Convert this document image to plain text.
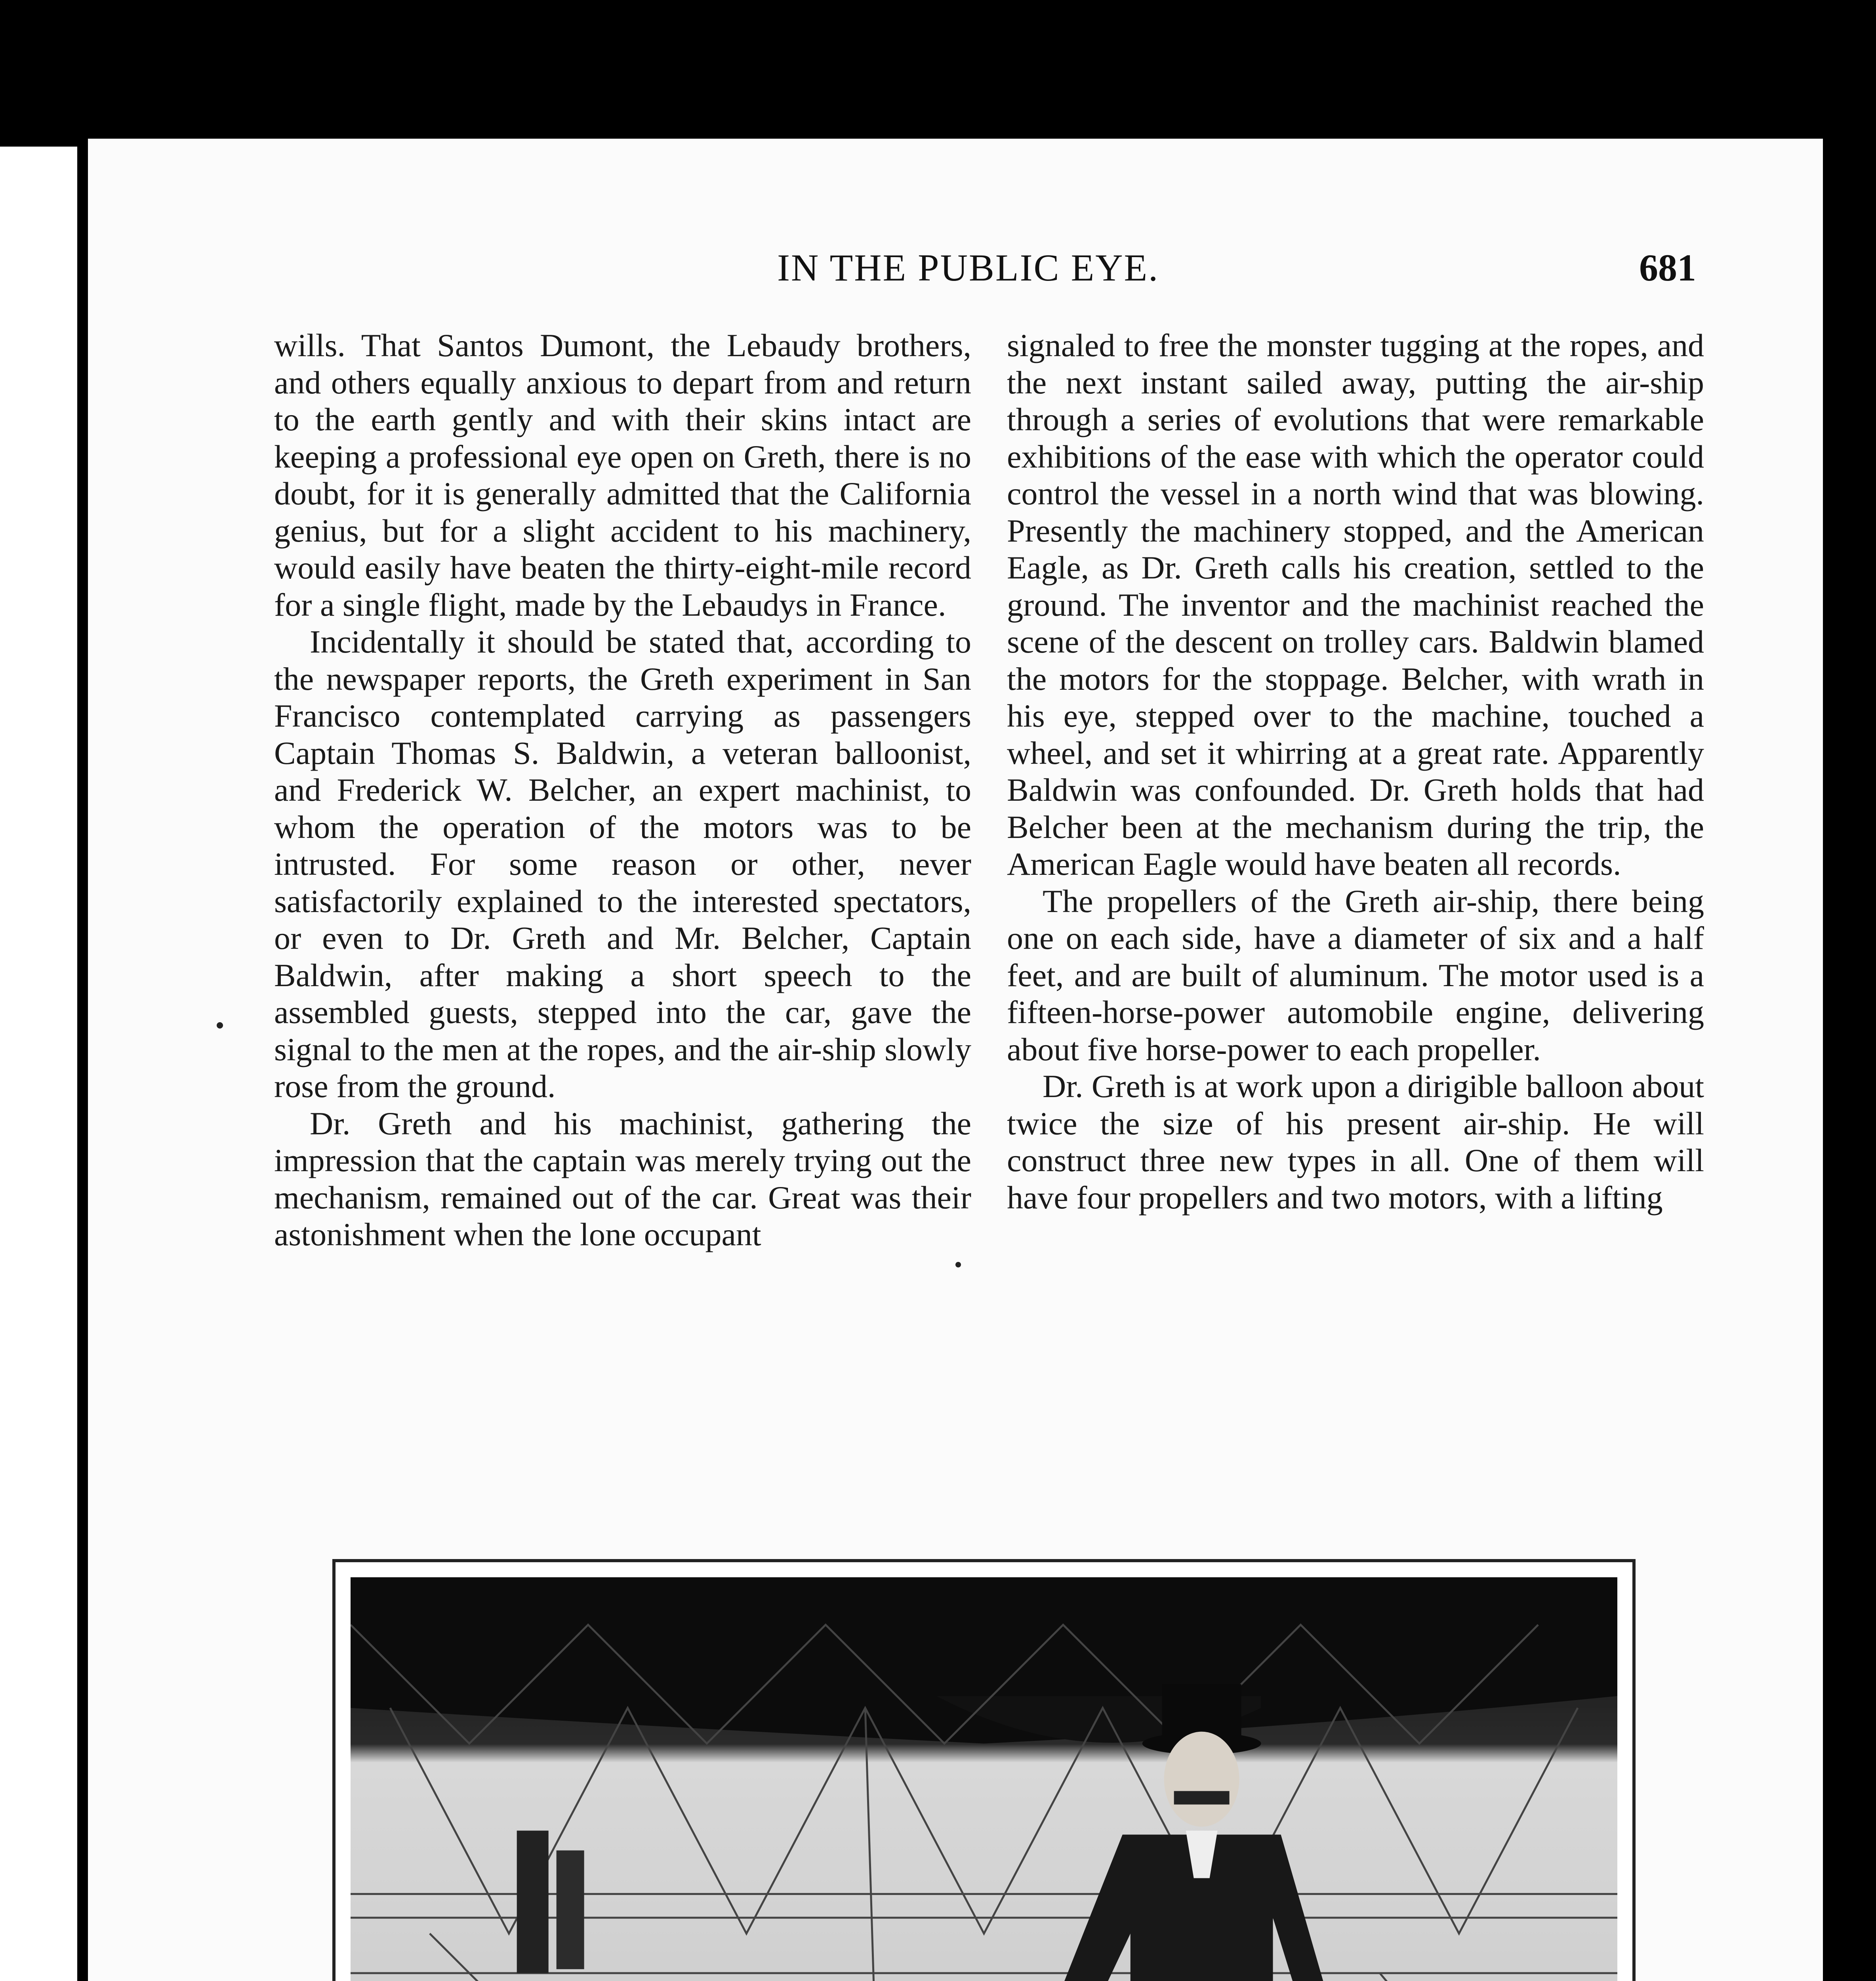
IN THE PUBLIC EYE.	681

wills. That Santos Dumont, the Lebaudy brothers, and others equally anxious to depart from and return to the earth gently and with their skins intact are keeping a professional eye open on Greth, there is no doubt, for it is generally admitted that the California genius, but for a slight accident to his machinery, would easily have beaten the thirty-eight-mile record for a single flight, made by the Lebaudys in France.

Incidentally it should be stated that, according to the newspaper reports, the Greth experiment in San Francisco contemplated carrying as passengers Captain Thomas S. Baldwin, a veteran balloonist, and Frederick W. Belcher, an expert machinist, to whom the operation of the motors was to be intrusted. For some reason or other, never satisfactorily explained to the interested spectators, or even to Dr. Greth and Mr. Belcher, Captain Baldwin, after making a short speech to the assembled guests, stepped into the car, gave the signal to the men at the ropes, and the air-ship slowly rose from the ground.

Dr. Greth and his machinist, gathering the impression that the captain was merely trying out the mechanism, remained out of the car. Great was their astonishment when the lone occupant

signaled to free the monster tugging at the ropes, and the next instant sailed away, putting the air-ship through a series of evolutions that were remarkable exhibitions of the ease with which the operator could control the vessel in a north wind that was blowing. Presently the machinery stopped, and the American Eagle, as Dr. Greth calls his creation, settled to the ground. The inventor and the machinist reached the scene of the descent on trolley cars. Baldwin blamed the motors for the stoppage. Belcher, with wrath in his eye, stepped over to the machine, touched a wheel, and set it whirring at a great rate. Apparently Baldwin was confounded. Dr. Greth holds that had Belcher been at the mechanism during the trip, the American Eagle would have beaten all records.

The propellers of the Greth air-ship, there being one on each side, have a diameter of six and a half feet, and are built of aluminum. The motor used is a fifteen-horse-power automobile engine, delivering about five horse-power to each propeller.

Dr. Greth is at work upon a dirigible balloon about twice the size of his present air-ship. He will construct three new types in all. One of them will have four propellers and two motors, with a lifting
